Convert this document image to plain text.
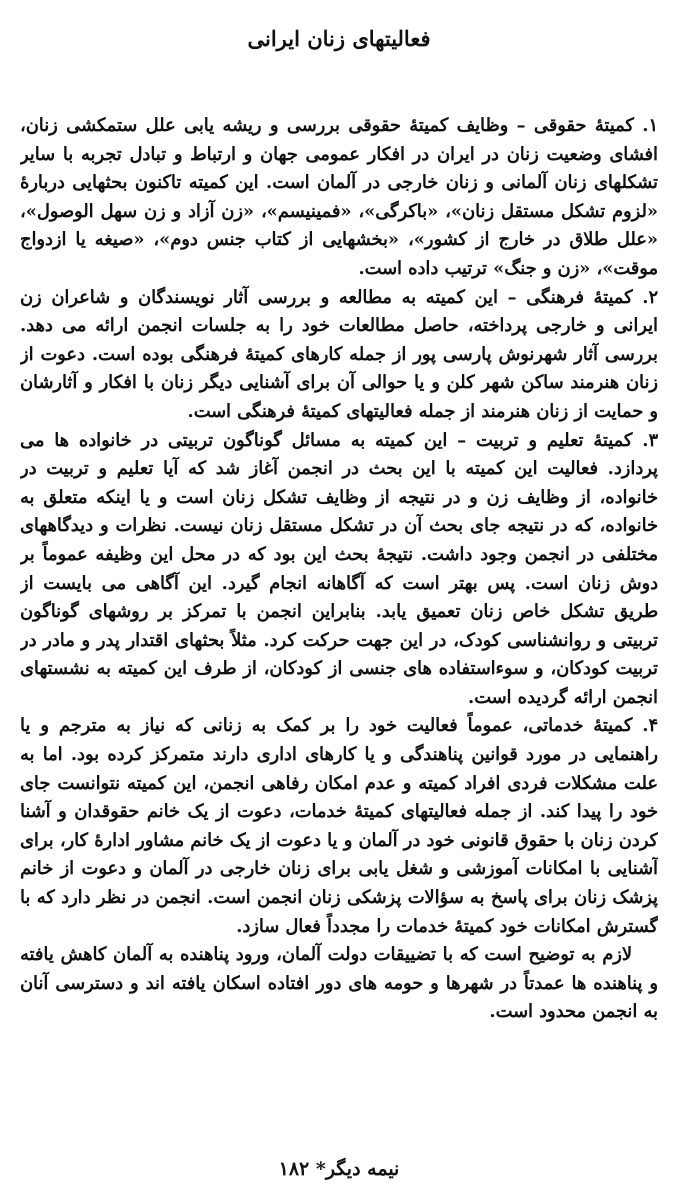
فعالیتهای زنان ایرانی

۱. کمیتهٔ حقوقی – وظایف کمیتهٔ حقوقی بررسی و ریشه یابی علل ستمکشی زنان، افشای وضعیت زنان در ایران در افکار عمومی جهان و ارتباط و تبادل تجربه با سایر تشکلهای زنان آلمانی و زنان خارجی در آلمان است. این کمیته تاکنون بحثهایی دربارهٔ «لزوم تشکل مستقل زنان»، «باکرگی»، «فمینیسم»، «زن آزاد و زن سهل الوصول»، «علل طلاق در خارج از کشور»، «بخشهایی از کتاب جنس دوم»، «صیغه یا ازدواج موقت»، «زن و جنگ» ترتیب داده است.

۲. کمیتهٔ فرهنگی – این کمیته به مطالعه و بررسی آثار نویسندگان و شاعران زن ایرانی و خارجی پرداخته، حاصل مطالعات خود را به جلسات انجمن ارائه می دهد. بررسی آثار شهرنوش پارسی پور از جمله کارهای کمیتهٔ فرهنگی بوده است. دعوت از زنان هنرمند ساکن شهر کلن و یا حوالی آن برای آشنایی دیگر زنان با افکار و آثارشان و حمایت از زنان هنرمند از جمله فعالیتهای کمیتهٔ فرهنگی است.

۳. کمیتهٔ تعلیم و تربیت – این کمیته به مسائل گوناگون تربیتی در خانواده ها می پردازد. فعالیت این کمیته با این بحث در انجمن آغاز شد که آیا تعلیم و تربیت در خانواده، از وظایف زن و در نتیجه از وظایف تشکل زنان است و یا اینکه متعلق به خانواده، که در نتیجه جای بحث آن در تشکل مستقل زنان نیست. نظرات و دیدگاههای مختلفی در انجمن وجود داشت. نتیجهٔ بحث این بود که در محل این وظیفه عموماً بر دوش زنان است. پس بهتر است که آگاهانه انجام گیرد. این آگاهی می بایست از طریق تشکل خاص زنان تعمیق یابد. بنابراین انجمن با تمرکز بر روشهای گوناگون تربیتی و روانشناسی کودک، در این جهت حرکت کرد. مثلاً بحثهای اقتدار پدر و مادر در تربیت کودکان، و سوءاستفاده های جنسی از کودکان، از طرف این کمیته به نشستهای انجمن ارائه گردیده است.

۴. کمیتهٔ خدماتی، عموماً فعالیت خود را بر کمک به زنانی که نیاز به مترجم و یا راهنمایی در مورد قوانین پناهندگی و یا کارهای اداری دارند متمرکز کرده بود. اما به علت مشکلات فردی افراد کمیته و عدم امکان رفاهی انجمن، این کمیته نتوانست جای خود را پیدا کند. از جمله فعالیتهای کمیتهٔ خدمات، دعوت از یک خانم حقوقدان و آشنا کردن زنان با حقوق قانونی خود در آلمان و یا دعوت از یک خانم مشاور ادارهٔ کار، برای آشنایی با امکانات آموزشی و شغل یابی برای زنان خارجی در آلمان و دعوت از خانم پزشک زنان برای پاسخ به سؤالات پزشکی زنان انجمن است. انجمن در نظر دارد که با گسترش امکانات خود کمیتهٔ خدمات را مجدداً فعال سازد.

لازم به توضیح است که با تضییقات دولت آلمان، ورود پناهنده به آلمان کاهش یافته و پناهنده ها عمدتاً در شهرها و حومه های دور افتاده اسکان یافته اند و دسترسی آنان به انجمن محدود است.

نیمه دیگر* ۱۸۲
